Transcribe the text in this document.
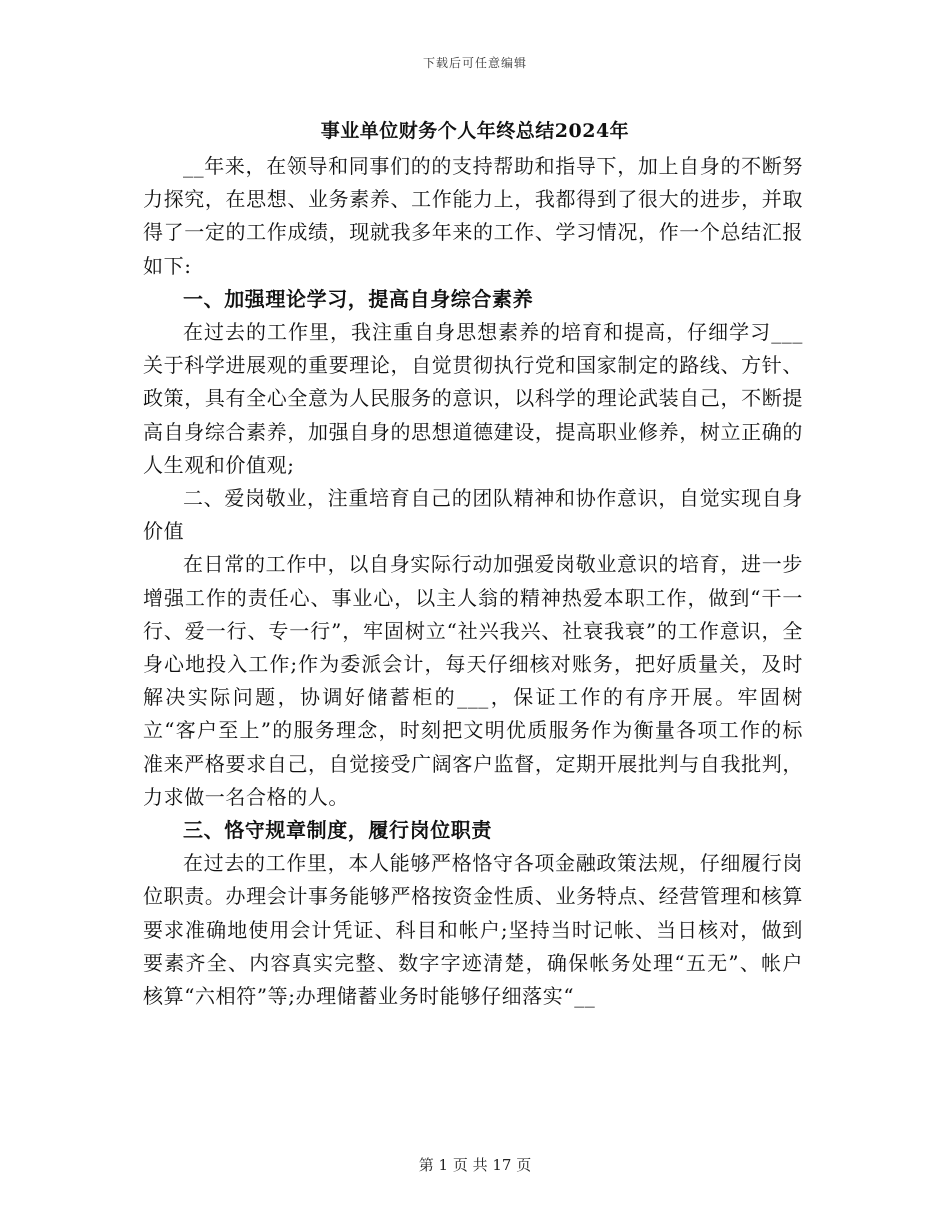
下载后可任意编辑
事业单位财务个人年终总结2024年

__年来，在领导和同事们的的支持帮助和指导下，加上自身的不断努力探究，在思想、业务素养、工作能力上，我都得到了很大的进步，并取得了一定的工作成绩，现就我多年来的工作、学习情况，作一个总结汇报如下:

一、加强理论学习，提高自身综合素养

在过去的工作里，我注重自身思想素养的培育和提高，仔细学习___关于科学进展观的重要理论，自觉贯彻执行党和国家制定的路线、方针、政策，具有全心全意为人民服务的意识，以科学的理论武装自己，不断提高自身综合素养，加强自身的思想道德建设，提高职业修养，树立正确的人生观和价值观;

二、爱岗敬业，注重培育自己的团队精神和协作意识，自觉实现自身价值

在日常的工作中，以自身实际行动加强爱岗敬业意识的培育，进一步增强工作的责任心、事业心，以主人翁的精神热爱本职工作，做到“干一行、爱一行、专一行”，牢固树立“社兴我兴、社衰我衰”的工作意识，全身心地投入工作;作为委派会计，每天仔细核对账务，把好质量关，及时解决实际问题，协调好储蓄柜的___，保证工作的有序开展。牢固树立“客户至上”的服务理念，时刻把文明优质服务作为衡量各项工作的标准来严格要求自己，自觉接受广阔客户监督，定期开展批判与自我批判，力求做一名合格的人。

三、恪守规章制度，履行岗位职责

在过去的工作里，本人能够严格恪守各项金融政策法规，仔细履行岗位职责。办理会计事务能够严格按资金性质、业务特点、经营管理和核算要求准确地使用会计凭证、科目和帐户;坚持当时记帐、当日核对，做到要素齐全、内容真实完整、数字字迹清楚，确保帐务处理“五无”、帐户核算“六相符”等;办理储蓄业务时能够仔细落实“__

第 1 页 共 17 页
